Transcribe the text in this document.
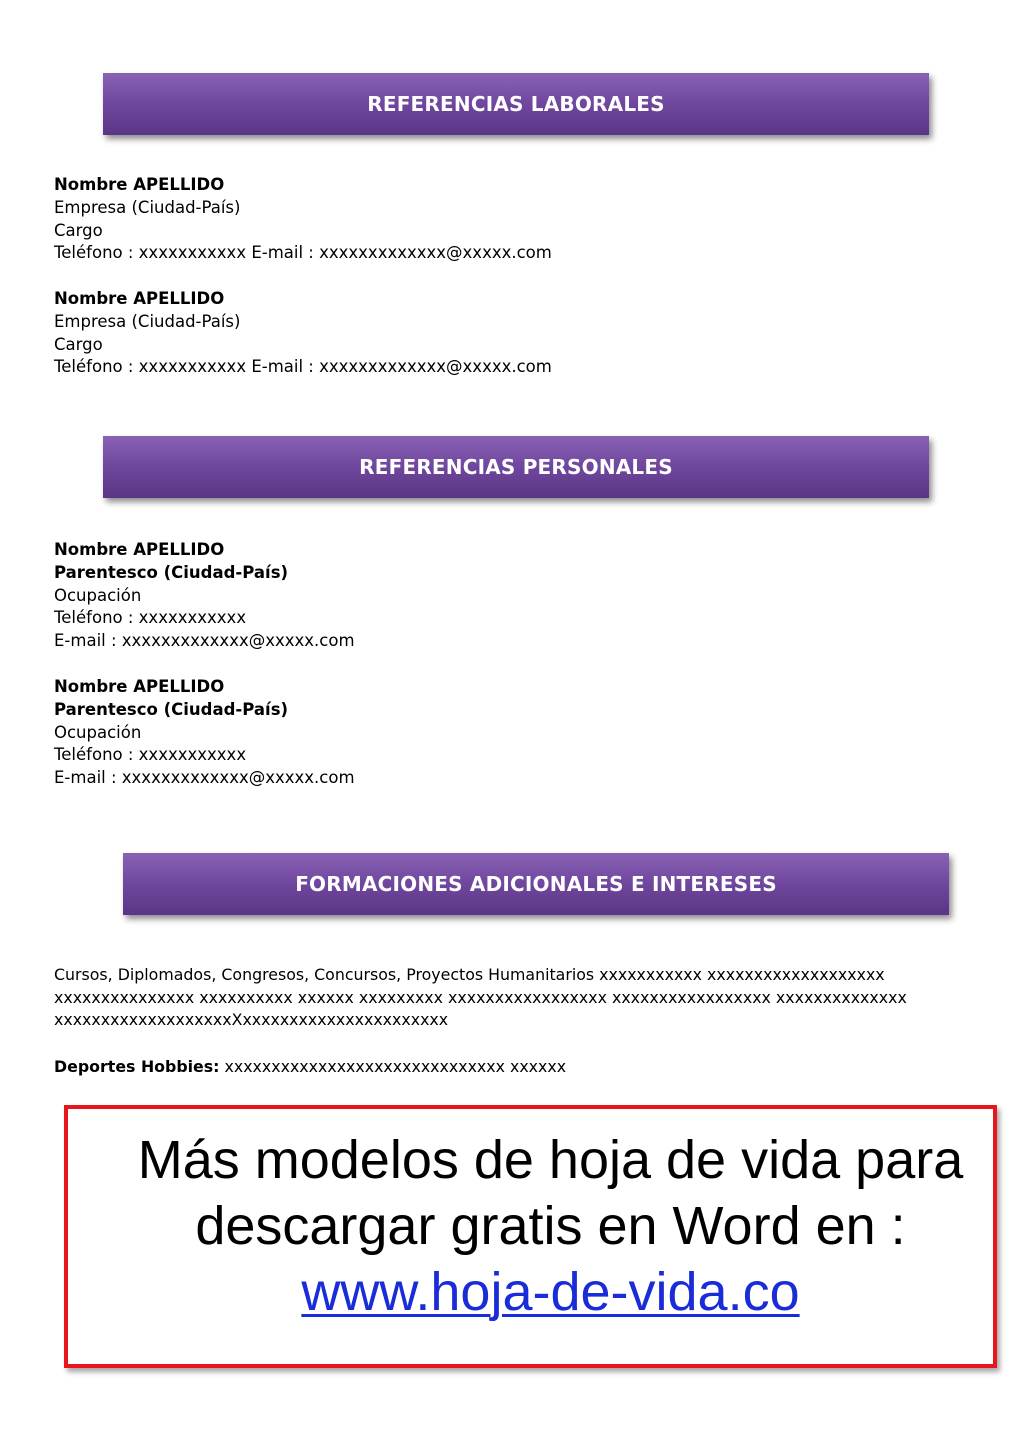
REFERENCIAS LABORALES
Nombre APELLIDO
Empresa (Ciudad-País)
Cargo
Teléfono : xxxxxxxxxxx E-mail : xxxxxxxxxxxxx@xxxxx.com
Nombre APELLIDO
Empresa (Ciudad-País)
Cargo
Teléfono : xxxxxxxxxxx E-mail : xxxxxxxxxxxxx@xxxxx.com
REFERENCIAS PERSONALES
Nombre APELLIDO
Parentesco (Ciudad-País)
Ocupación
Teléfono : xxxxxxxxxxx
E-mail : xxxxxxxxxxxxx@xxxxx.com
Nombre APELLIDO
Parentesco (Ciudad-País)
Ocupación
Teléfono : xxxxxxxxxxx
E-mail : xxxxxxxxxxxxx@xxxxx.com
FORMACIONES ADICIONALES E INTERESES
Cursos, Diplomados, Congresos, Concursos, Proyectos Humanitarios xxxxxxxxxxx xxxxxxxxxxxxxxxxxxx
xxxxxxxxxxxxxxx xxxxxxxxxx xxxxxx xxxxxxxxx xxxxxxxxxxxxxxxxx xxxxxxxxxxxxxxxxx xxxxxxxxxxxxxx
xxxxxxxxxxxxxxxxxxxXxxxxxxxxxxxxxxxxxxxxxx
Deportes Hobbies: xxxxxxxxxxxxxxxxxxxxxxxxxxxxxx xxxxxx
Más modelos de hoja de vida para
descargar gratis en Word en :
www.hoja-de-vida.co
